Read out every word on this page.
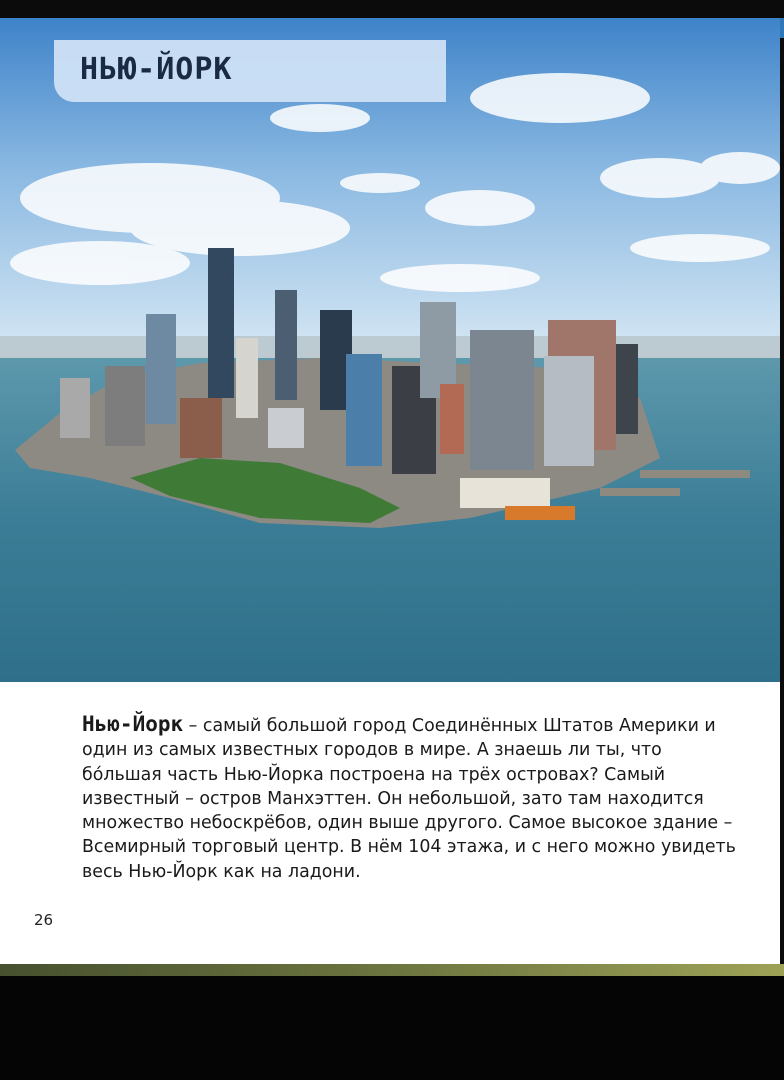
НЬЮ-ЙОРК
Нью-Йорк – самый большой город Соединённых Штатов Америки и один из самых известных городов в мире. А знаешь ли ты, что бóльшая часть Нью-Йорка построена на трёх островах? Самый известный – остров Манхэттен. Он небольшой, зато там находится множество небоскрёбов, один выше другого. Самое высокое здание – Всемирный торговый центр. В нём 104 этажа, и с него можно увидеть весь Нью-Йорк как на ладони.
26
